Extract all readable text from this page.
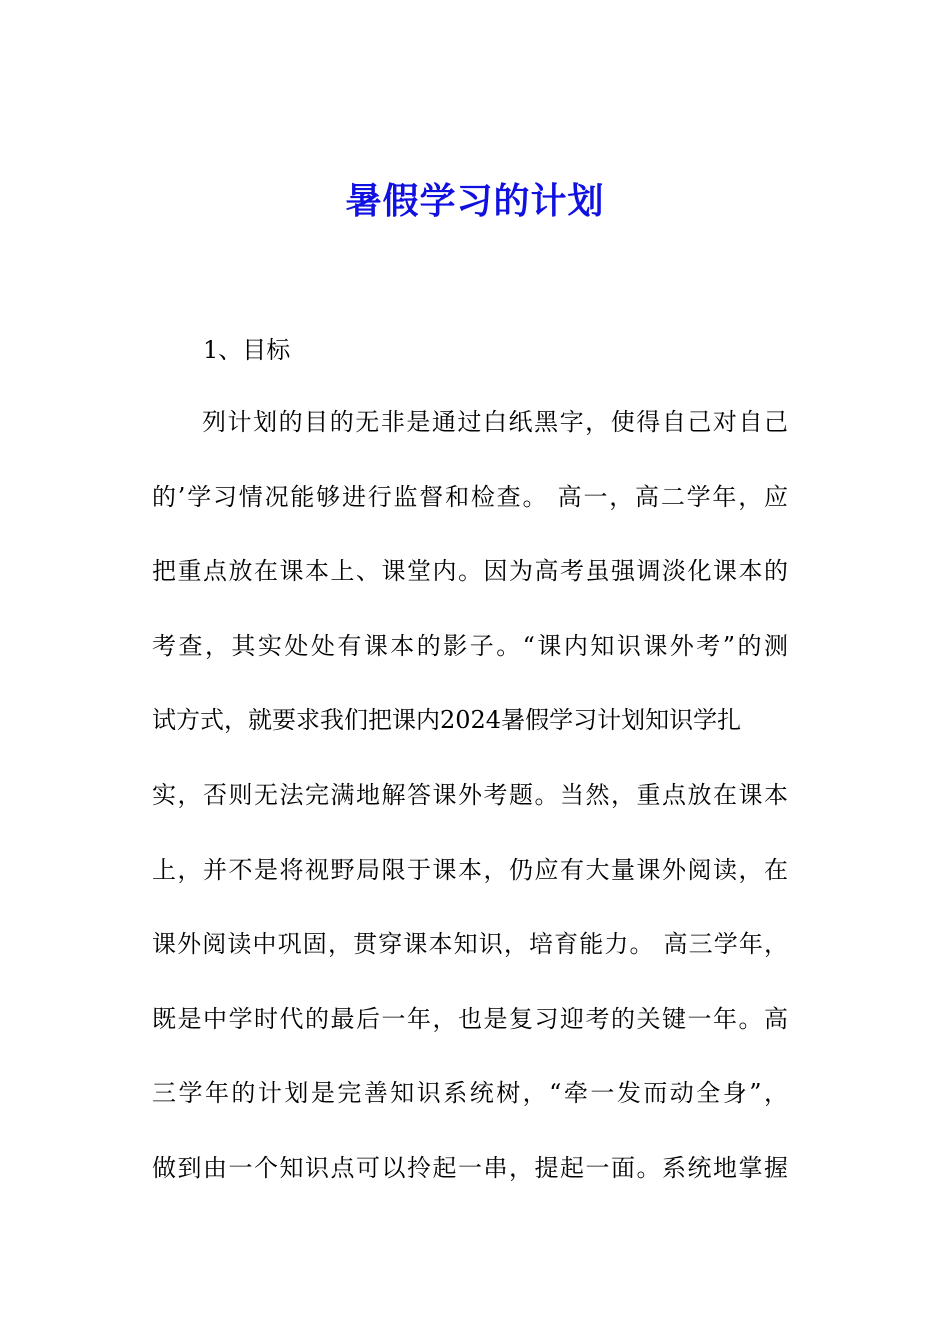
暑假学习的计划
1、目标
列计划的目的无非是通过白纸黑字，使得自己对自己
的’学习情况能够进行监督和检查。 高一，高二学年，应
把重点放在课本上、课堂内。因为高考虽强调淡化课本的
考查，其实处处有课本的影子。“课内知识课外考”的测
试方式，就要求我们把课内2024暑假学习计划知识学扎
实，否则无法完满地解答课外考题。当然，重点放在课本
上，并不是将视野局限于课本，仍应有大量课外阅读，在
课外阅读中巩固，贯穿课本知识，培育能力。 高三学年，
既是中学时代的最后一年，也是复习迎考的关键一年。高
三学年的计划是完善知识系统树，“牵一发而动全身”，
做到由一个知识点可以拎起一串，提起一面。系统地掌握
